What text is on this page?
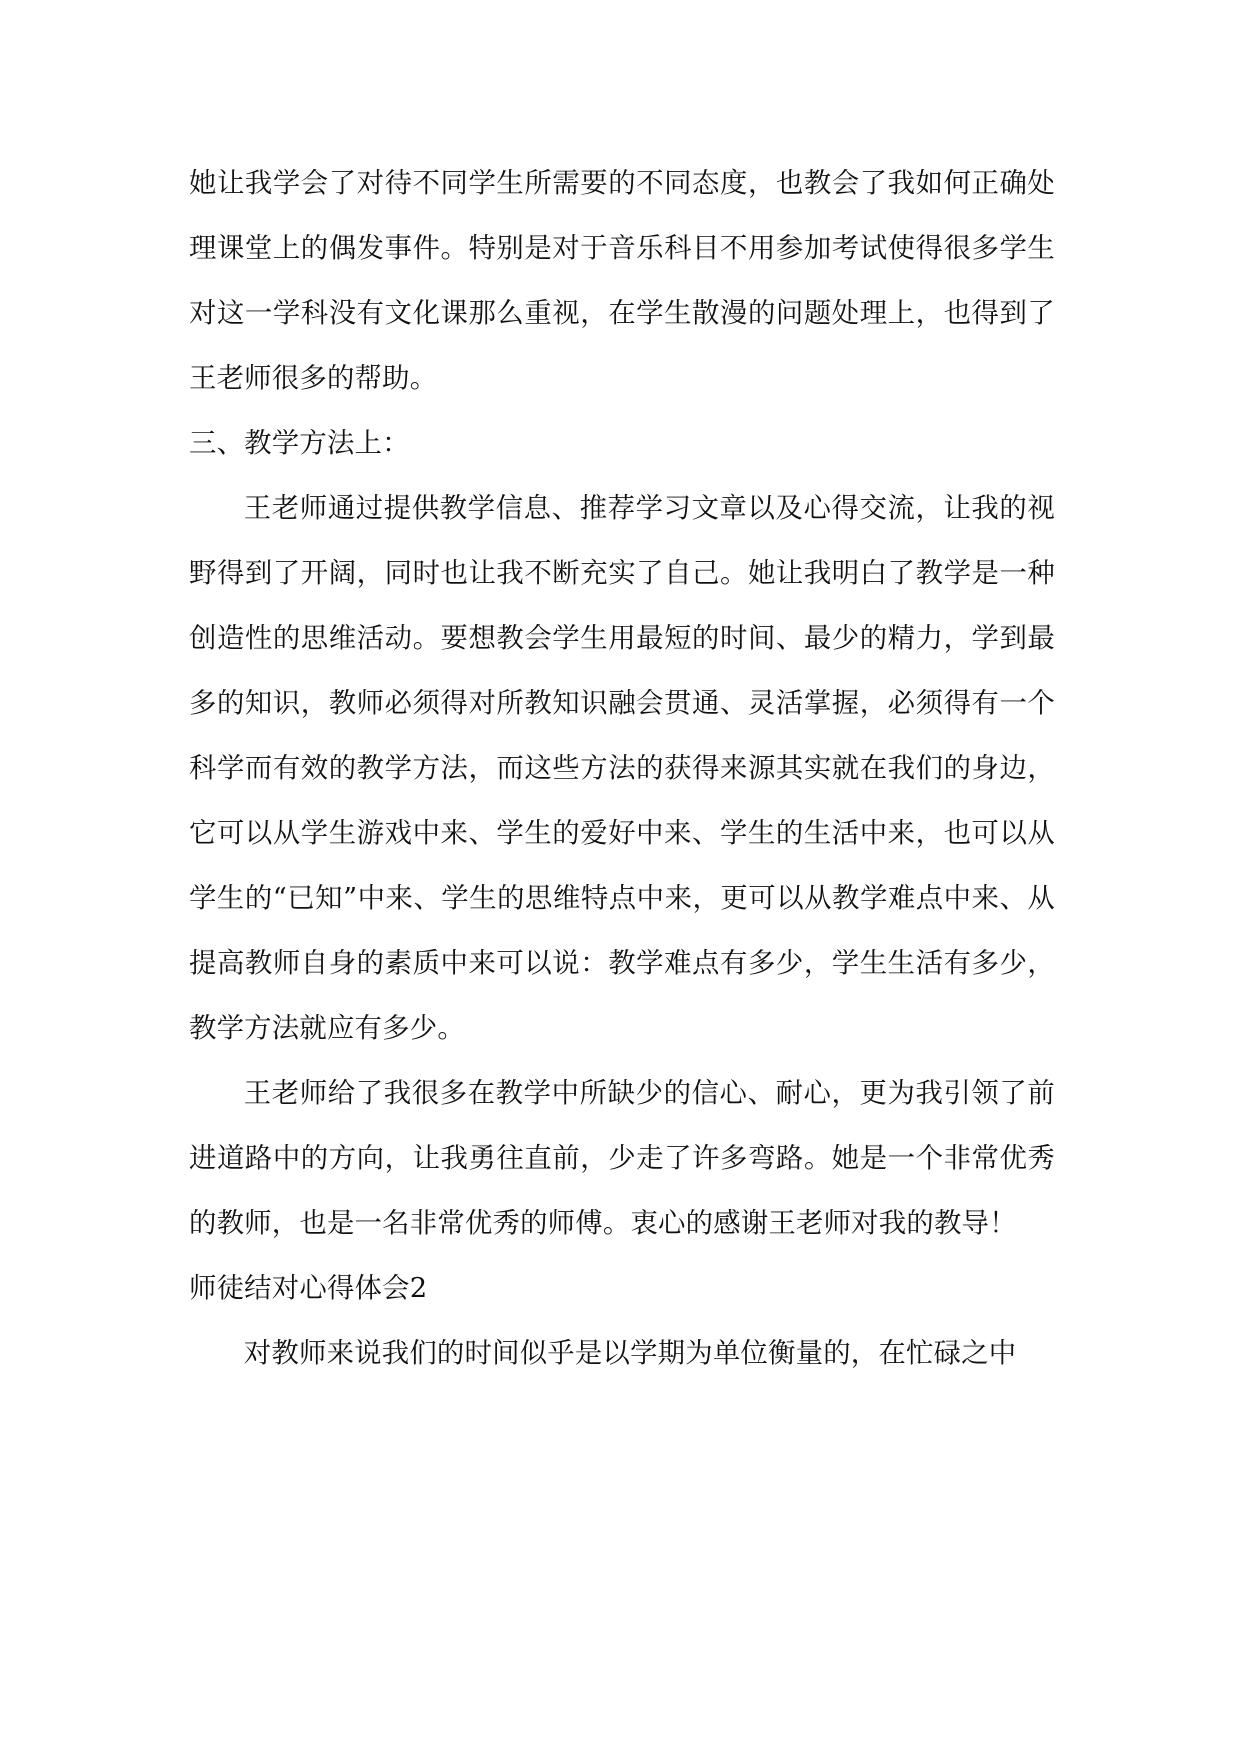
她让我学会了对待不同学生所需要的不同态度，也教会了我如何正确处理课堂上的偶发事件。特别是对于音乐科目不用参加考试使得很多学生对这一学科没有文化课那么重视，在学生散漫的问题处理上，也得到了王老师很多的帮助。

三、教学方法上：

王老师通过提供教学信息、推荐学习文章以及心得交流，让我的视野得到了开阔，同时也让我不断充实了自己。她让我明白了教学是一种创造性的思维活动。要想教会学生用最短的时间、最少的精力，学到最多的知识，教师必须得对所教知识融会贯通、灵活掌握，必须得有一个科学而有效的教学方法，而这些方法的获得来源其实就在我们的身边，它可以从学生游戏中来、学生的爱好中来、学生的生活中来，也可以从学生的“已知”中来、学生的思维特点中来，更可以从教学难点中来、从提高教师自身的素质中来可以说：教学难点有多少，学生生活有多少，教学方法就应有多少。

王老师给了我很多在教学中所缺少的信心、耐心，更为我引领了前进道路中的方向，让我勇往直前，少走了许多弯路。她是一个非常优秀的教师，也是一名非常优秀的师傅。衷心的感谢王老师对我的教导！

师徒结对心得体会2

对教师来说我们的时间似乎是以学期为单位衡量的，在忙碌之中
